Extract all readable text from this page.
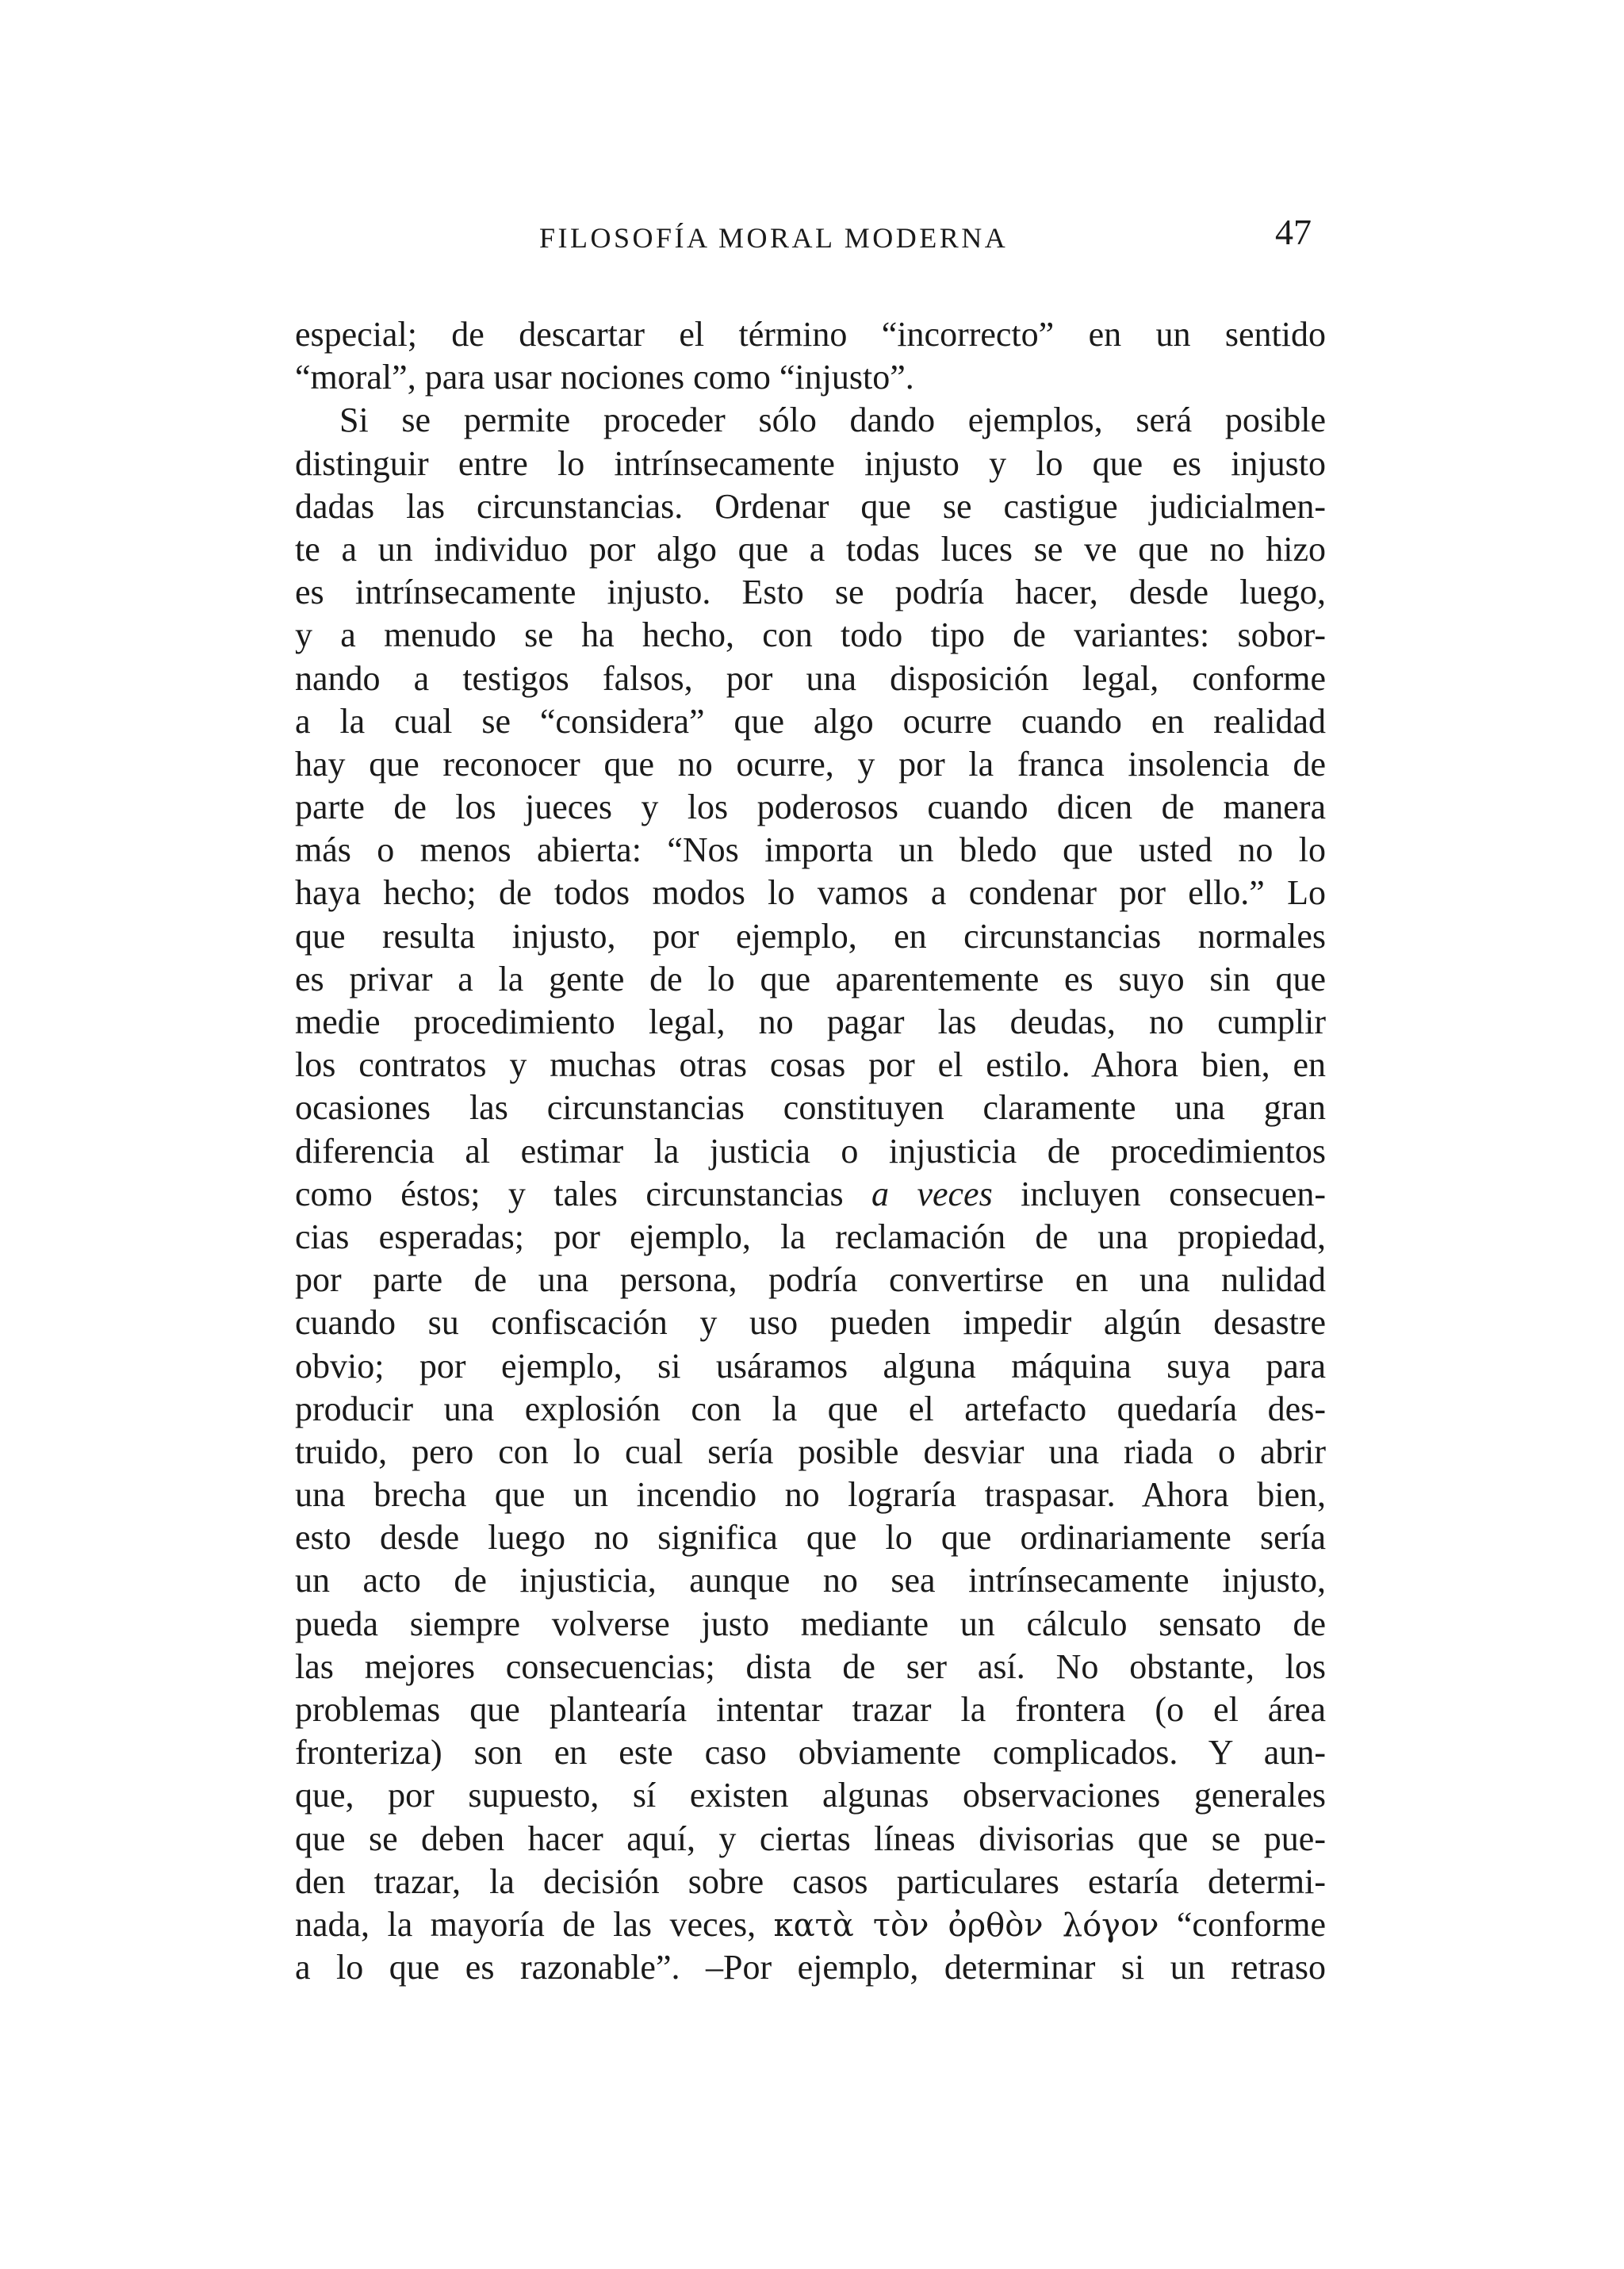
FILOSOFÍA MORAL MODERNA	47
especial; de descartar el término “incorrecto” en un sentido
“moral”, para usar nociones como “injusto”.
Si se permite proceder sólo dando ejemplos, será posible
distinguir entre lo intrínsecamente injusto y lo que es injusto
dadas las circunstancias. Ordenar que se castigue judicialmen-
te a un individuo por algo que a todas luces se ve que no hizo
es intrínsecamente injusto. Esto se podría hacer, desde luego,
y a menudo se ha hecho, con todo tipo de variantes: sobor-
nando a testigos falsos, por una disposición legal, conforme
a la cual se “considera” que algo ocurre cuando en realidad
hay que reconocer que no ocurre, y por la franca insolencia de
parte de los jueces y los poderosos cuando dicen de manera
más o menos abierta: “Nos importa un bledo que usted no lo
haya hecho; de todos modos lo vamos a condenar por ello.” Lo
que resulta injusto, por ejemplo, en circunstancias normales
es privar a la gente de lo que aparentemente es suyo sin que
medie procedimiento legal, no pagar las deudas, no cumplir
los contratos y muchas otras cosas por el estilo. Ahora bien, en
ocasiones las circunstancias constituyen claramente una gran
diferencia al estimar la justicia o injusticia de procedimientos
como éstos; y tales circunstancias a veces incluyen consecuen-
cias esperadas; por ejemplo, la reclamación de una propiedad,
por parte de una persona, podría convertirse en una nulidad
cuando su confiscación y uso pueden impedir algún desastre
obvio; por ejemplo, si usáramos alguna máquina suya para
producir una explosión con la que el artefacto quedaría des-
truido, pero con lo cual sería posible desviar una riada o abrir
una brecha que un incendio no lograría traspasar. Ahora bien,
esto desde luego no significa que lo que ordinariamente sería
un acto de injusticia, aunque no sea intrínsecamente injusto,
pueda siempre volverse justo mediante un cálculo sensato de
las mejores consecuencias; dista de ser así. No obstante, los
problemas que plantearía intentar trazar la frontera (o el área
fronteriza) son en este caso obviamente complicados. Y aun-
que, por supuesto, sí existen algunas observaciones generales
que se deben hacer aquí, y ciertas líneas divisorias que se pue-
den trazar, la decisión sobre casos particulares estaría determi-
nada, la mayoría de las veces, κατὰ τὸν ὀρθὸν λόγον “conforme
a lo que es razonable”. –Por ejemplo, determinar si un retraso
